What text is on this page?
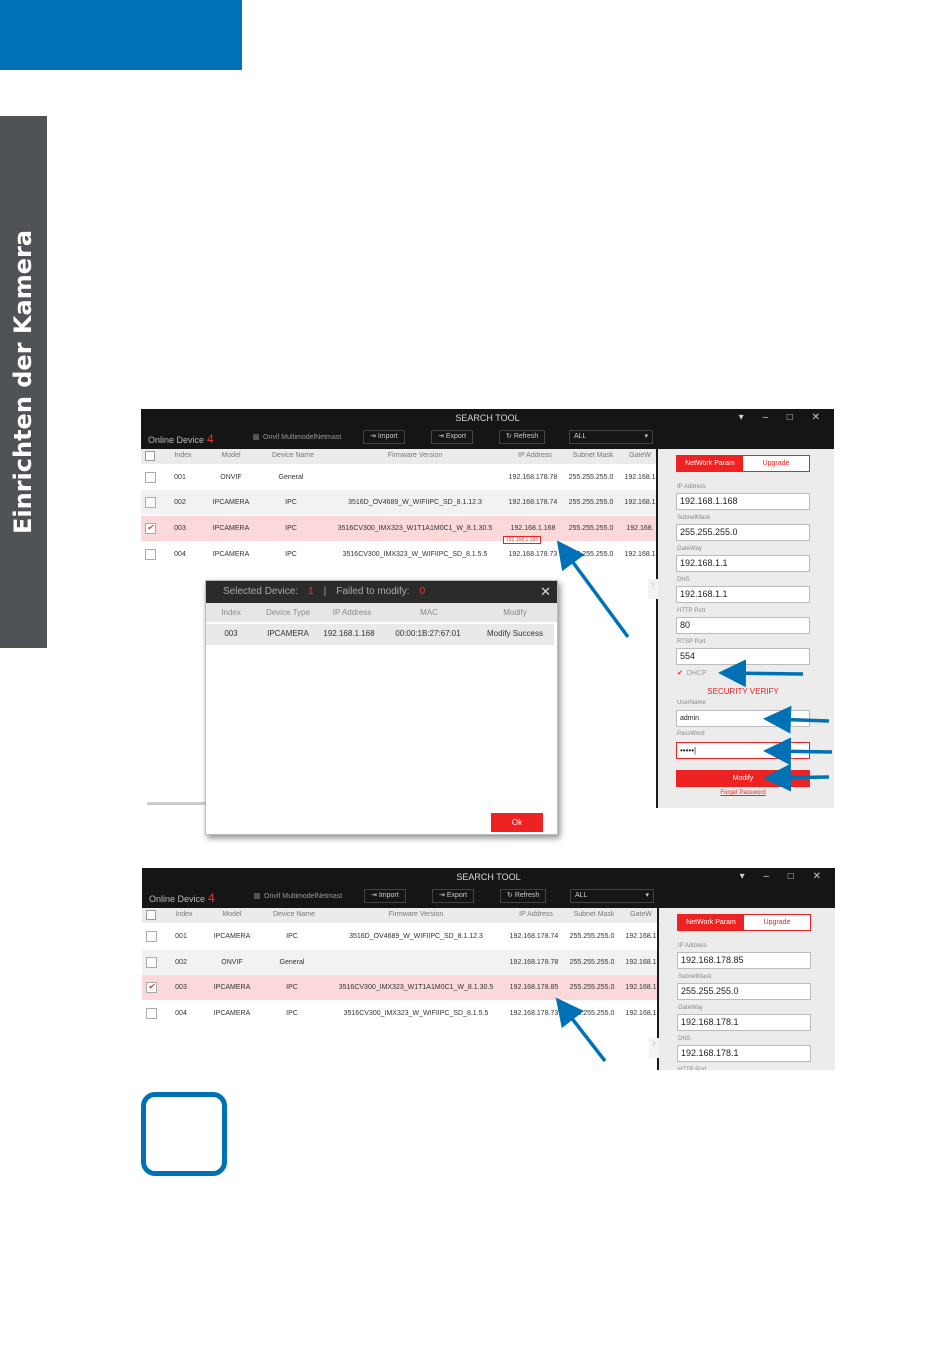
Einrichten der Kamera	SEARCH TOOL	▾ – □ ✕
Online Device 4	Onvif MultimodelNetmast	⇥ Import	⇥ Export	↻ Refresh	ALL ▾
Index	Model	Device Name	Firmware Version	IP Address	Subnet Mask	GateW
001	ONVIF	General	192.168.178.78	255.255.255.0	192.168.1
002	IPCAMERA	IPC	3516D_OV4689_W_WIFIIPC_SD_8.1.12.3	192.168.178.74	255.255.255.0	192.168.1
✔
003	IPCAMERA	IPC	3516CV300_IMX323_W1T1A1M0C1_W_8.1.30.5	192.168.1.168	255.255.255.0	192.168.
004	IPCAMERA	IPC	3516CV300_IMX323_W_WIFIIPC_SD_8.1.5.5	192.168.178.73	255.255.255.0	192.168.1
192.168.1.168
›
NetWork Param	Upgrade
IP Address
192.168.1.168
SubnetMask
255.255.255.0
GateWay
192.168.1.1
DNS
192.168.1.1
HTTP Port
80
RTSP Port
554
✔ DHCP
SECURITY VERIFY
UserName
admin
PassWord
•••••|
Modify
Forget Password
Selected Device: 1 | Failed to modify: 0	✕
Index	Device Type	IP Address	MAC	Modify
003	IPCAMERA	192.168.1.168	00:00:1B:27:67:01	Modify Success
Ok
SEARCH TOOL	▾ – □ ✕
Online Device 4	Onvif MultimodelNetmast	⇥ Import	⇥ Export	↻ Refresh	ALL ▾
Index	Model	Device Name	Firmware Version	IP Address	Subnet Mask	GateW
001	IPCAMERA	IPC	3516D_OV4689_W_WIFIIPC_SD_8.1.12.3	192.168.178.74	255.255.255.0	192.168.1
002	ONVIF	General	192.168.178.78	255.255.255.0	192.168.1
✔
003	IPCAMERA	IPC	3516CV300_IMX323_W1T1A1M0C1_W_8.1.30.5	192.168.178.85	255.255.255.0	192.168.1
004	IPCAMERA	IPC	3516CV300_IMX323_W_WIFIIPC_SD_8.1.5.5	192.168.178.73	255.255.255.0	192.168.1
›
NetWork Param	Upgrade
IP Address
192.168.178.85
SubnetMask
255.255.255.0
GateWay
192.168.178.1
DNS
192.168.178.1
HTTP Port
